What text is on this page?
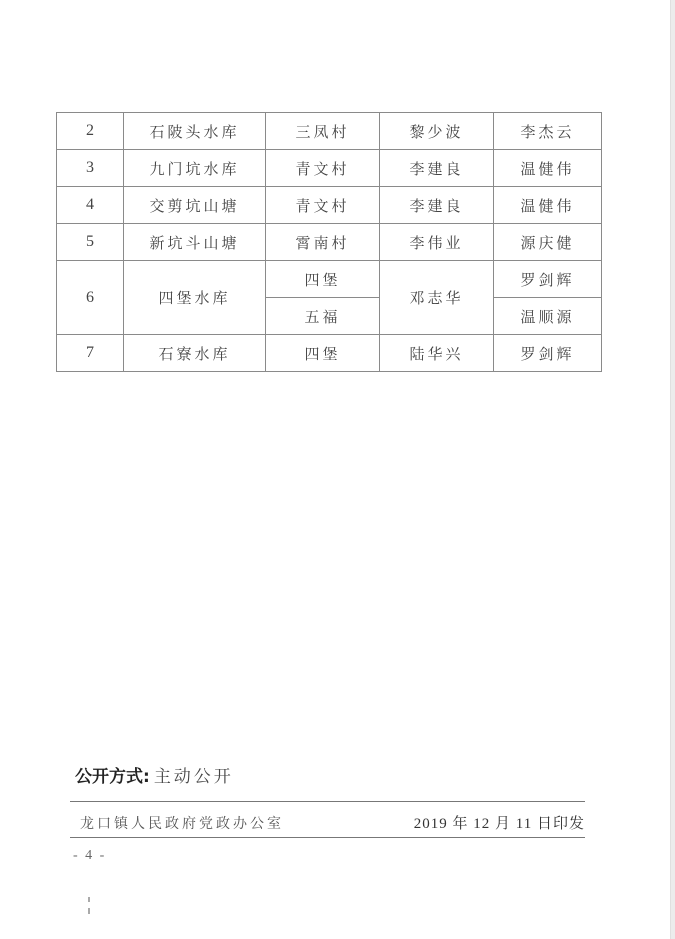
2	石陂头水库	三凤村	黎少波	李杰云
3	九门坑水库	青文村	李建良	温健伟
4	交剪坑山塘	青文村	李建良	温健伟
5	新坑斗山塘	霄南村	李伟业	源庆健
6	四堡水库	四堡	邓志华	罗剑辉
		五福		温顺源
7	石寮水库	四堡	陆华兴	罗剑辉
公开方式: 主动公开
龙口镇人民政府党政办公室	2019 年 12 月 11 日印发
- 4 -
